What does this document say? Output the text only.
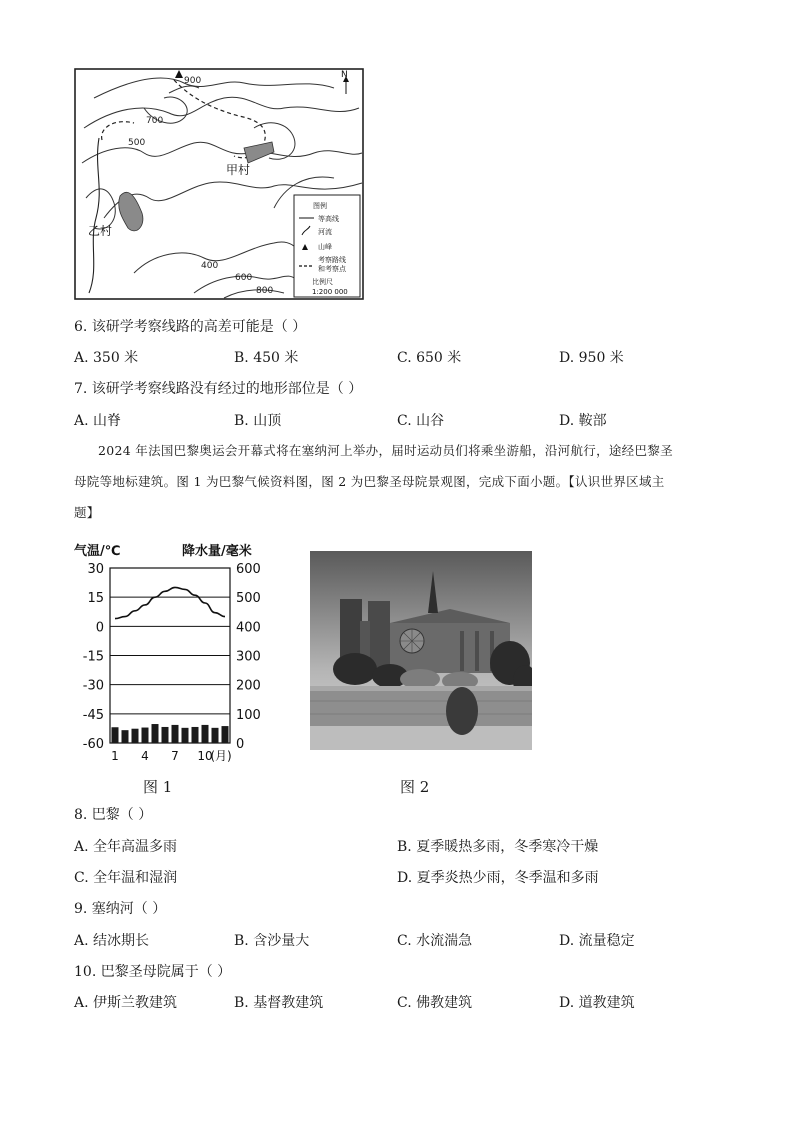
900
700
500
400
600
800
甲村
乙村
N
图例
等高线
河流
山峰
考察路线
和考察点
比例尺
1:200 000
6. 该研学考察线路的高差可能是（ ）
A. 350 米	B. 450 米	C. 650 米	D. 950 米
7. 该研学考察线路没有经过的地形部位是（ ）
A. 山脊	B. 山顶	C. 山谷	D. 鞍部
2024 年法国巴黎奥运会开幕式将在塞纳河上举办，届时运动员们将乘坐游船，沿河航行，途经巴黎圣
母院等地标建筑。图 1 为巴黎气候资料图，图 2 为巴黎圣母院景观图，完成下面小题。【认识世界区域主
题】
气温/℃	降水量/毫米
30	600
15	500
0	400
-15	300
-30	200
-45	100
-60	0
1 4 7 10
(月)
图 1	图 2
8. 巴黎（ ）
A. 全年高温多雨	B. 夏季暖热多雨，冬季寒冷干燥
C. 全年温和湿润	D. 夏季炎热少雨，冬季温和多雨
9. 塞纳河（ ）
A. 结冰期长	B. 含沙量大	C. 水流湍急	D. 流量稳定
10. 巴黎圣母院属于（ ）
A. 伊斯兰教建筑	B. 基督教建筑	C. 佛教建筑	D. 道教建筑
